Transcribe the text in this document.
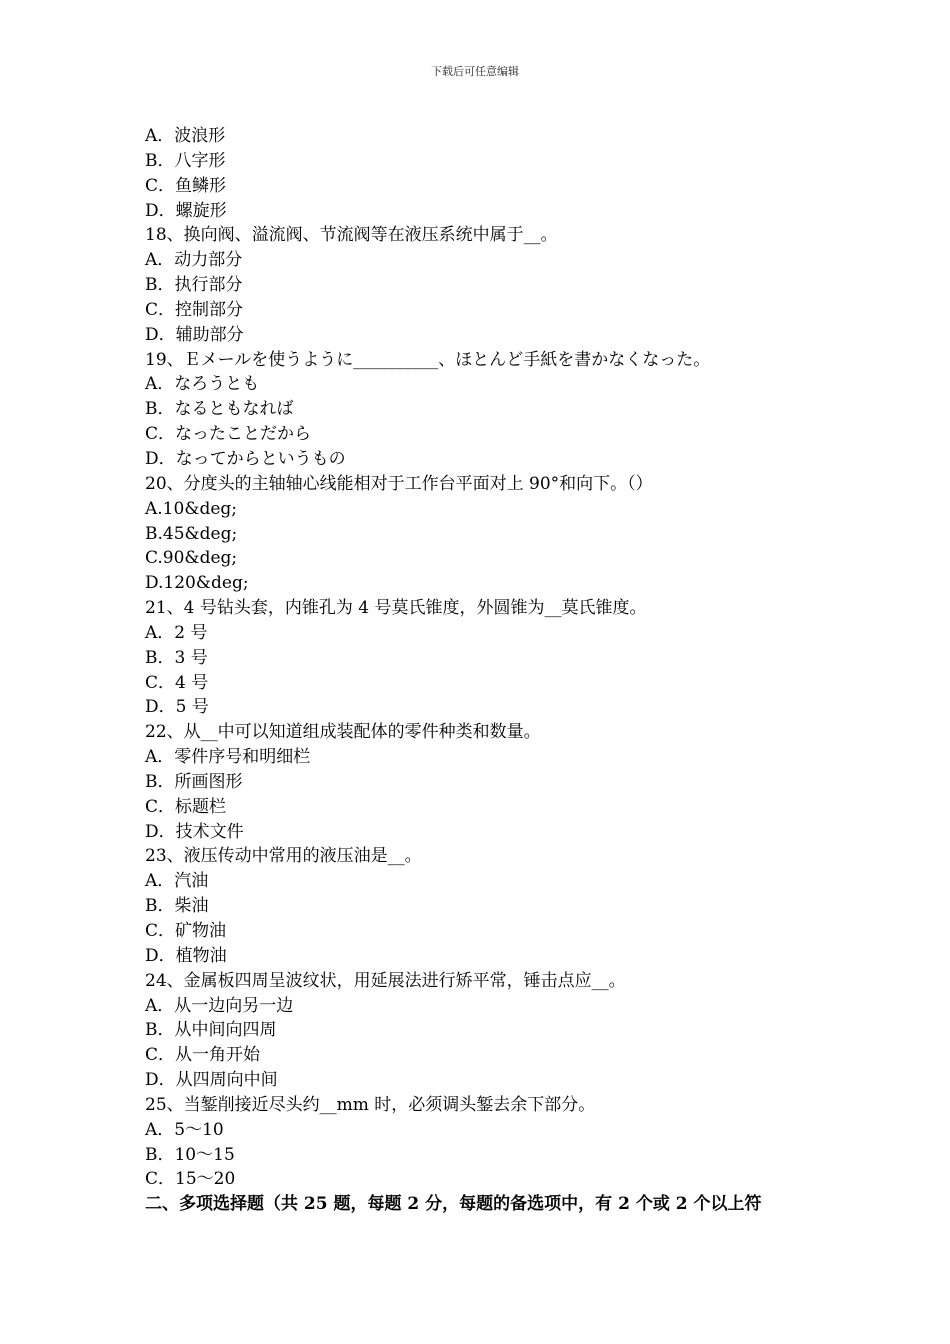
下载后可任意编辑
A．波浪形
B．八字形
C．鱼鳞形
D．螺旋形
18、换向阀、溢流阀、节流阀等在液压系统中属于__。
A．动力部分
B．执行部分
C．控制部分
D．辅助部分
19、Ｅメールを使うように__________、ほとんど手紙を書かなくなった。
A．なろうとも
B．なるともなれば
C．なったことだから
D．なってからというもの
20、分度头的主轴轴心线能相对于工作台平面对上 90°和向下。（）
A.10&deg;
B.45&deg;
C.90&deg;
D.120&deg;
21、4 号钻头套，内锥孔为 4 号莫氏锥度，外圆锥为__莫氏锥度。
A．2 号
B．3 号
C．4 号
D．5 号
22、从__中可以知道组成装配体的零件种类和数量。
A．零件序号和明细栏
B．所画图形
C．标题栏
D．技术文件
23、液压传动中常用的液压油是__。
A．汽油
B．柴油
C．矿物油
D．植物油
24、金属板四周呈波纹状，用延展法进行矫平常，锤击点应__。
A．从一边向另一边
B．从中间向四周
C．从一角开始
D．从四周向中间
25、当錾削接近尽头约__mm 时，必须调头錾去余下部分。
A．5～10
B．10～15
C．15～20
二、多项选择题（共 25 题，每题 2 分，每题的备选项中，有 2 个或 2 个以上符
